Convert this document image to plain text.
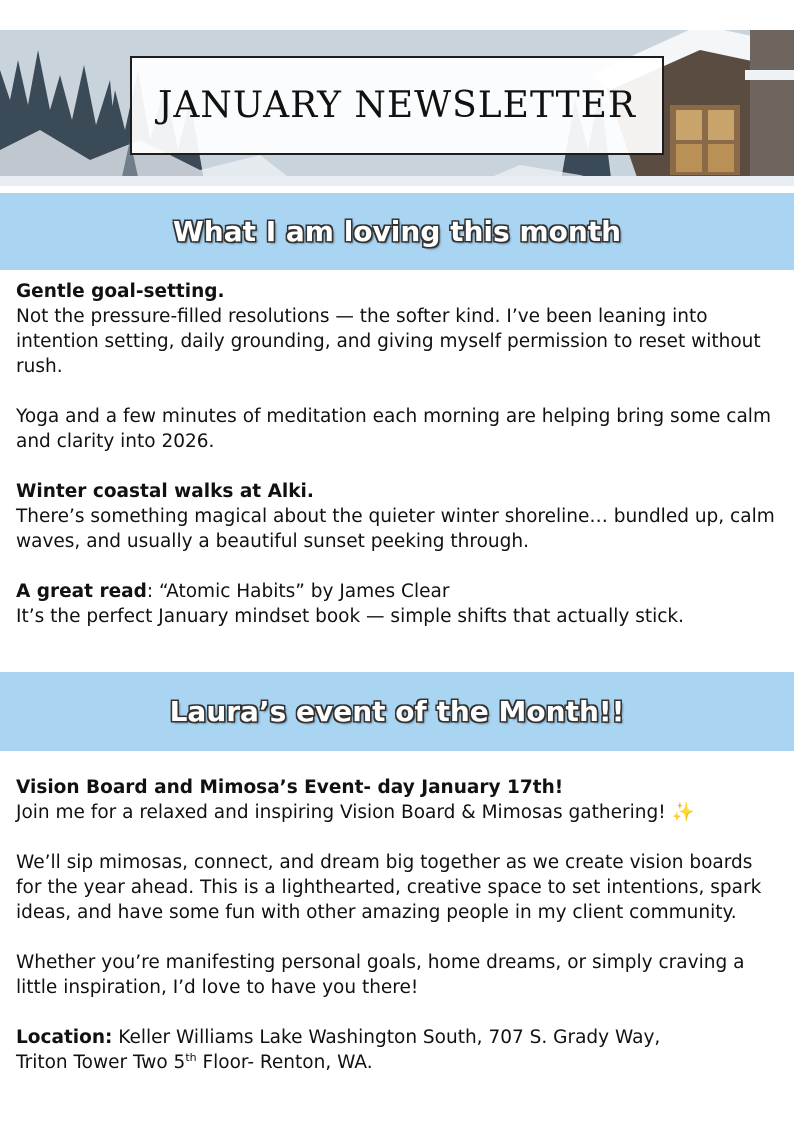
JANUARY NEWSLETTER
What I am loving this month

Gentle goal-setting.
Not the pressure-filled resolutions — the softer kind. I’ve been leaning into intention setting, daily grounding, and giving myself permission to reset without rush.

Yoga and a few minutes of meditation each morning are helping bring some calm and clarity into 2026.

Winter coastal walks at Alki.
There’s something magical about the quieter winter shoreline… bundled up, calm waves, and usually a beautiful sunset peeking through.

A great read: “Atomic Habits” by James Clear
It’s the perfect January mindset book — simple shifts that actually stick.

Laura’s event of the Month!!

Vision Board and Mimosa’s Event- day January 17th!
Join me for a relaxed and inspiring Vision Board & Mimosas gathering! ✨

We’ll sip mimosas, connect, and dream big together as we create vision boards for the year ahead. This is a lighthearted, creative space to set intentions, spark ideas, and have some fun with other amazing people in my client community.

Whether you’re manifesting personal goals, home dreams, or simply craving a little inspiration, I’d love to have you there!

Location: Keller Williams Lake Washington South, 707 S. Grady Way,
Triton Tower Two 5th Floor- Renton, WA.
